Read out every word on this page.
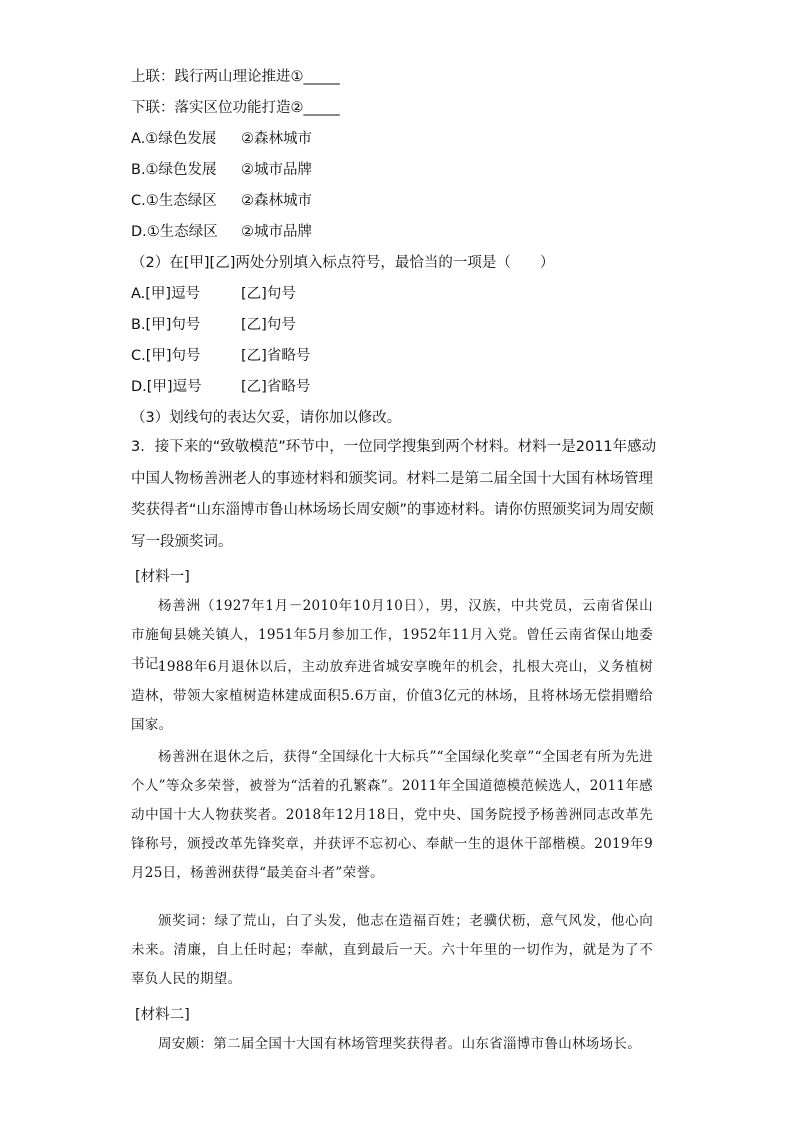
上联：践行两山理论推进①_____
下联：落实区位功能打造②_____
A.①绿色发展 ②森林城市
B.①绿色发展 ②城市品牌
C.①生态绿区 ②森林城市
D.①生态绿区 ②城市品牌
（2）在[甲][乙]两处分别填入标点符号，最恰当的一项是（　　）
A.[甲]逗号	[乙]句号
B.[甲]句号	[乙]句号
C.[甲]句号	[乙]省略号
D.[甲]逗号	[乙]省略号
（3）划线句的表达欠妥，请你加以修改。
3．接下来的“致敬模范”环节中，一位同学搜集到两个材料。材料一是2011年感动中国人物杨善洲老人的事迹材料和颁奖词。材料二是第二届全国十大国有林场管理奖获得者“山东淄博市鲁山林场场长周安颇”的事迹材料。请你仿照颁奖词为周安颇写一段颁奖词。
[材料一]
杨善洲（1927年1月－2010年10月10日），男，汉族，中共党员，云南省保山市施甸县姚关镇人，1951年5月参加工作，1952年11月入党。曾任云南省保山地委书记。
1988年6月退休以后，主动放弃进省城安享晚年的机会，扎根大亮山，义务植树造林，带领大家植树造林建成面积5.6万亩，价值3亿元的林场，且将林场无偿捐赠给国家。
杨善洲在退休之后，获得“全国绿化十大标兵”“全国绿化奖章”“全国老有所为先进个人”等众多荣誉，被誉为“活着的孔繁森”。2011年全国道德模范候选人，2011年感动中国十大人物获奖者。2018年12月18日，党中央、国务院授予杨善洲同志改革先锋称号，颁授改革先锋奖章，并获评不忘初心、奉献一生的退休干部楷模。2019年9月25日，杨善洲获得“最美奋斗者”荣誉。
颁奖词：绿了荒山，白了头发，他志在造福百姓；老骥伏枥，意气风发，他心向未来。清廉，自上任时起；奉献，直到最后一天。六十年里的一切作为，就是为了不辜负人民的期望。
[材料二]
周安颇：第二届全国十大国有林场管理奖获得者。山东省淄博市鲁山林场场长。
